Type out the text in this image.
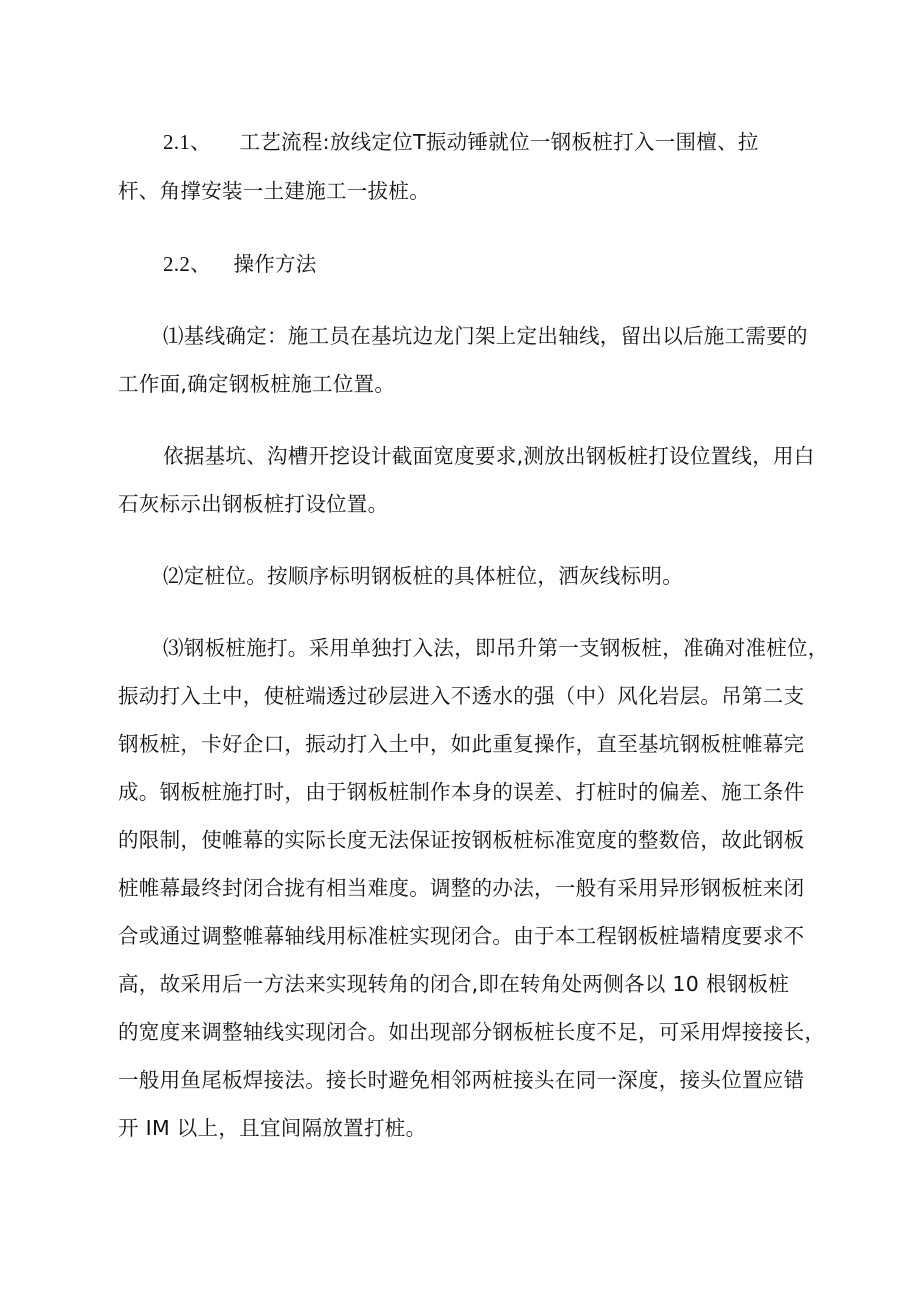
2.1、 工艺流程:放线定位T振动锤就位一钢板桩打入一围檀、拉
杆、角撑安装一土建施工一拔桩。
2.2、 操作方法
⑴基线确定：施工员在基坑边龙门架上定出轴线，留出以后施工需要的
工作面,确定钢板桩施工位置。
依据基坑、沟槽开挖设计截面宽度要求,测放出钢板桩打设位置线，用白
石灰标示出钢板桩打设位置。
⑵定桩位。按顺序标明钢板桩的具体桩位，洒灰线标明。
⑶钢板桩施打。采用单独打入法，即吊升第一支钢板桩，准确对准桩位，
振动打入土中，使桩端透过砂层进入不透水的强（中）风化岩层。吊第二支
钢板桩，卡好企口，振动打入土中，如此重复操作，直至基坑钢板桩帷幕完
成。钢板桩施打时，由于钢板桩制作本身的误差、打桩时的偏差、施工条件
的限制，使帷幕的实际长度无法保证按钢板桩标准宽度的整数倍，故此钢板
桩帷幕最终封闭合拢有相当难度。调整的办法，一般有采用异形钢板桩来闭
合或通过调整帷幕轴线用标准桩实现闭合。由于本工程钢板桩墙精度要求不
高，故采用后一方法来实现转角的闭合,即在转角处两侧各以 10 根钢板桩
的宽度来调整轴线实现闭合。如出现部分钢板桩长度不足，可采用焊接接长，
一般用鱼尾板焊接法。接长时避免相邻两桩接头在同一深度，接头位置应错
开 IM 以上，且宜间隔放置打桩。
